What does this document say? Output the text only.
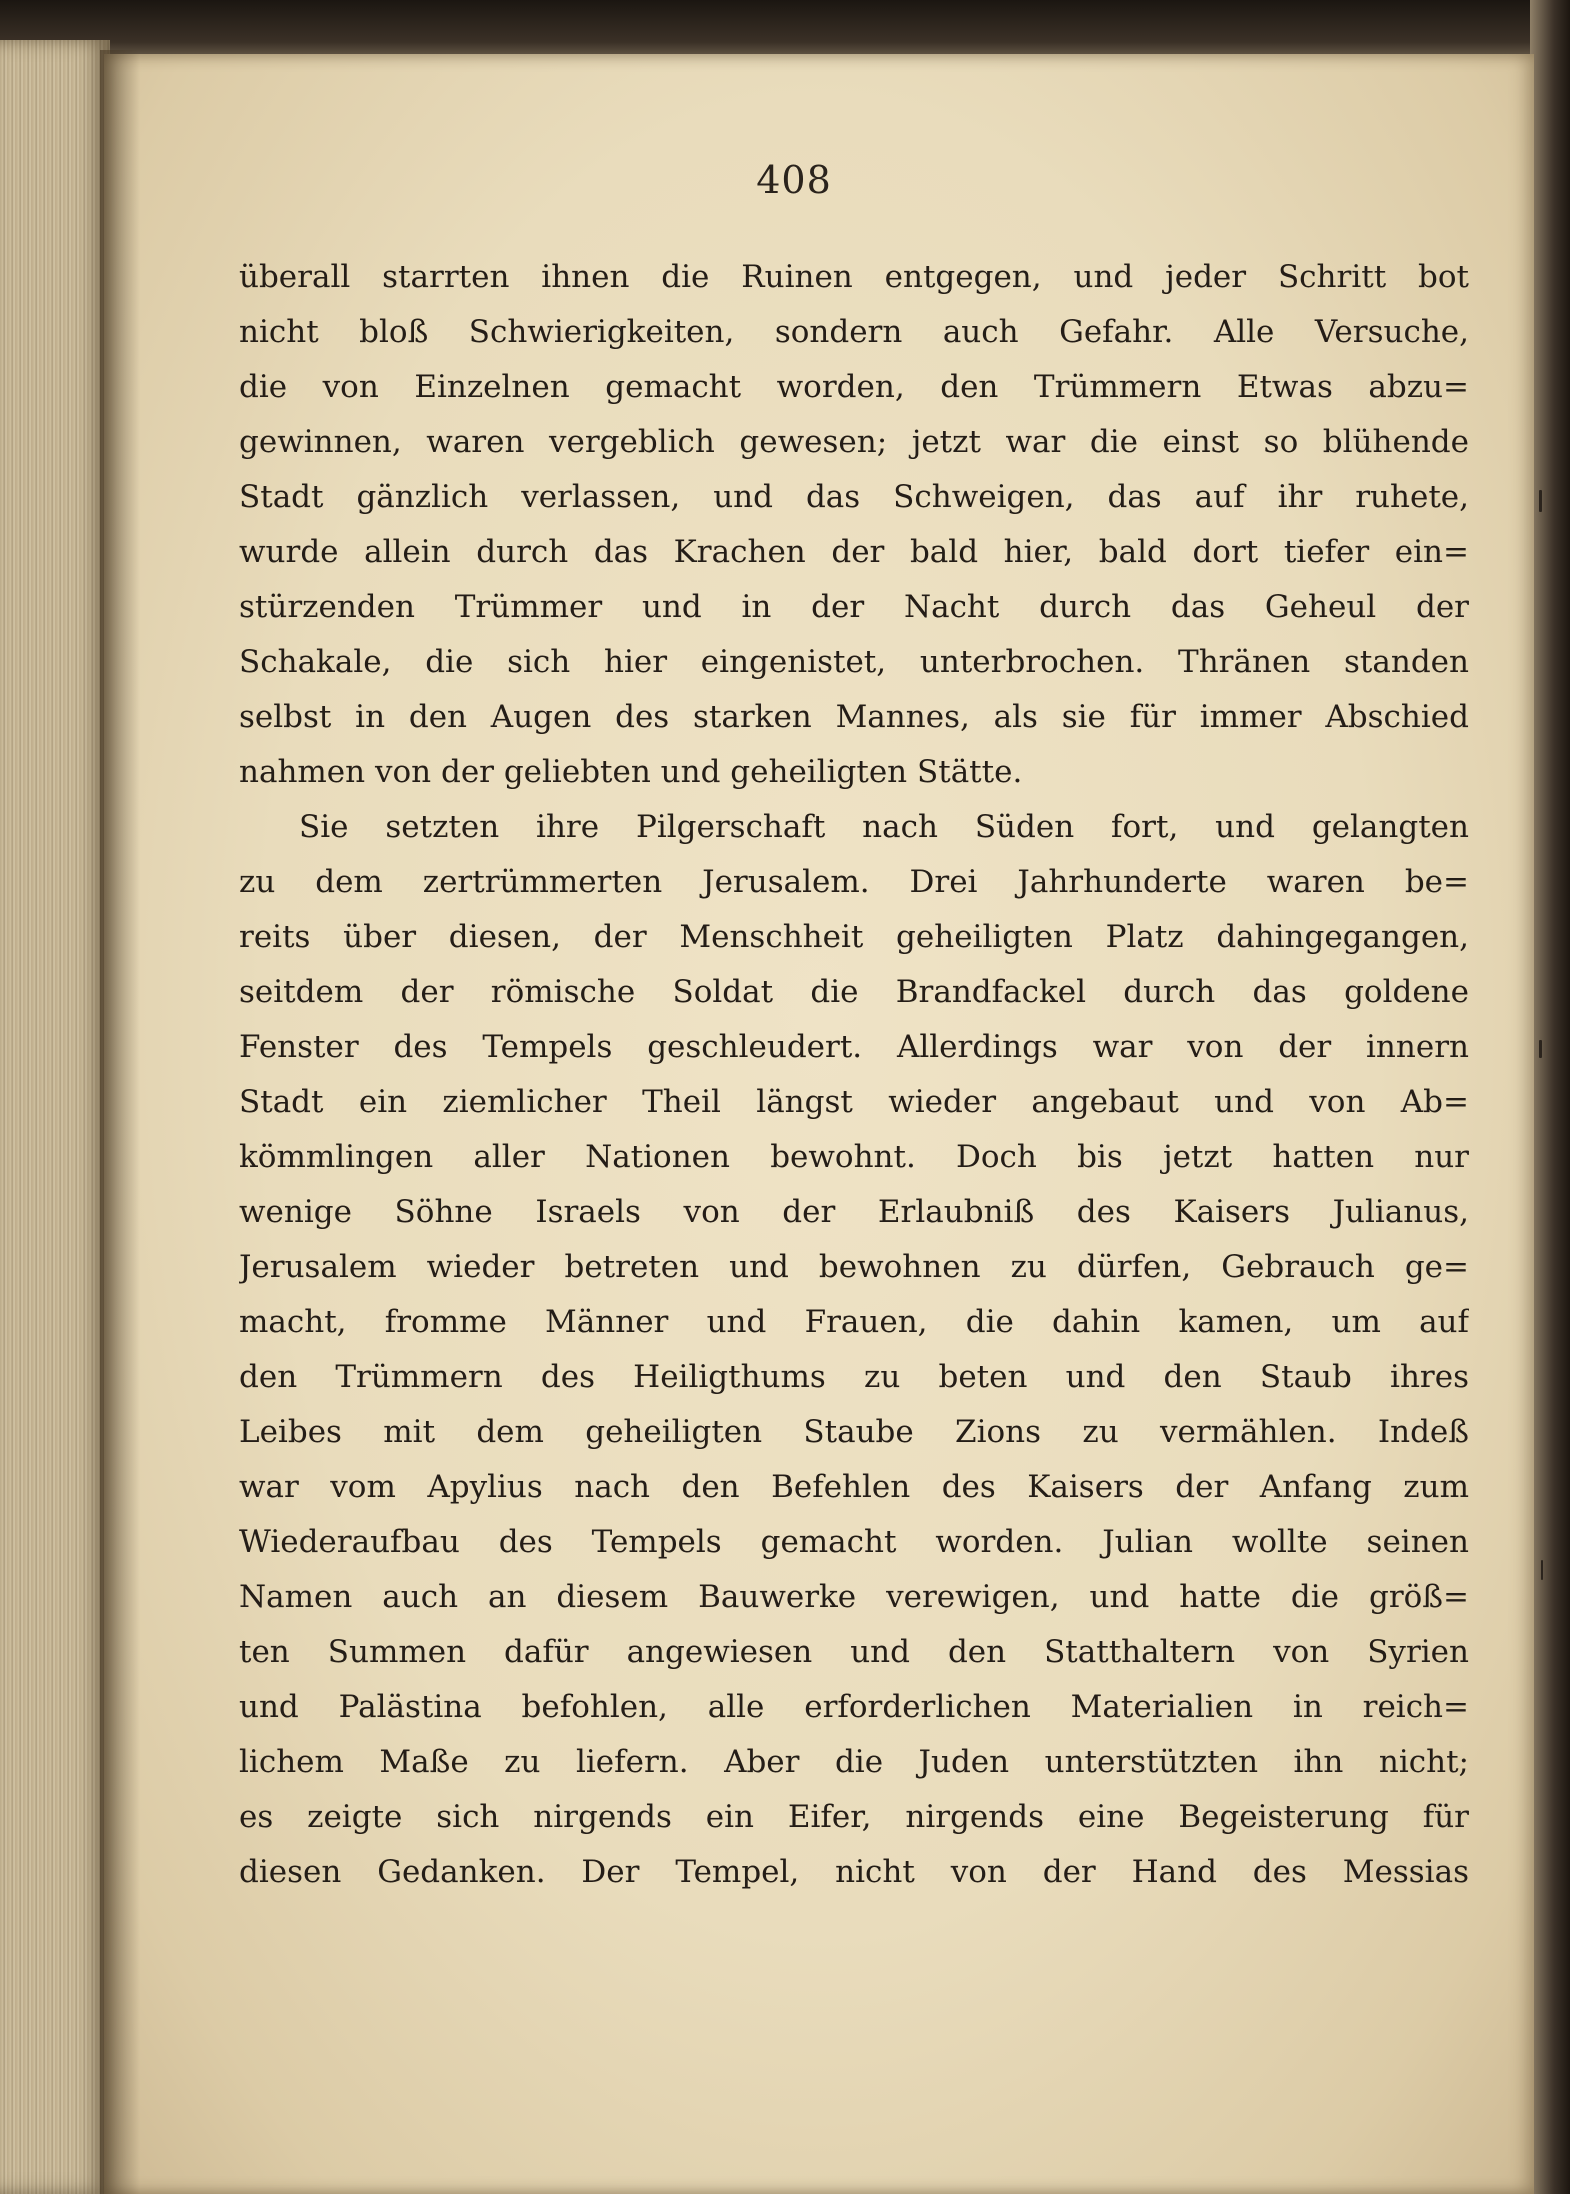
408
überall starrten ihnen die Ruinen entgegen, und jeder Schritt bot
nicht bloß Schwierigkeiten, sondern auch Gefahr. Alle Versuche,
die von Einzelnen gemacht worden, den Trümmern Etwas abzu=
gewinnen, waren vergeblich gewesen; jetzt war die einst so blühende
Stadt gänzlich verlassen, und das Schweigen, das auf ihr ruhete,
wurde allein durch das Krachen der bald hier, bald dort tiefer ein=
stürzenden Trümmer und in der Nacht durch das Geheul der
Schakale, die sich hier eingenistet, unterbrochen. Thränen standen
selbst in den Augen des starken Mannes, als sie für immer Abschied
nahmen von der geliebten und geheiligten Stätte.
Sie setzten ihre Pilgerschaft nach Süden fort, und gelangten
zu dem zertrümmerten Jerusalem. Drei Jahrhunderte waren be=
reits über diesen, der Menschheit geheiligten Platz dahingegangen,
seitdem der römische Soldat die Brandfackel durch das goldene
Fenster des Tempels geschleudert. Allerdings war von der innern
Stadt ein ziemlicher Theil längst wieder angebaut und von Ab=
kömmlingen aller Nationen bewohnt. Doch bis jetzt hatten nur
wenige Söhne Israels von der Erlaubniß des Kaisers Julianus,
Jerusalem wieder betreten und bewohnen zu dürfen, Gebrauch ge=
macht, fromme Männer und Frauen, die dahin kamen, um auf
den Trümmern des Heiligthums zu beten und den Staub ihres
Leibes mit dem geheiligten Staube Zions zu vermählen. Indeß
war vom Apylius nach den Befehlen des Kaisers der Anfang zum
Wiederaufbau des Tempels gemacht worden. Julian wollte seinen
Namen auch an diesem Bauwerke verewigen, und hatte die größ=
ten Summen dafür angewiesen und den Statthaltern von Syrien
und Palästina befohlen, alle erforderlichen Materialien in reich=
lichem Maße zu liefern. Aber die Juden unterstützten ihn nicht;
es zeigte sich nirgends ein Eifer, nirgends eine Begeisterung für
diesen Gedanken. Der Tempel, nicht von der Hand des Messias
